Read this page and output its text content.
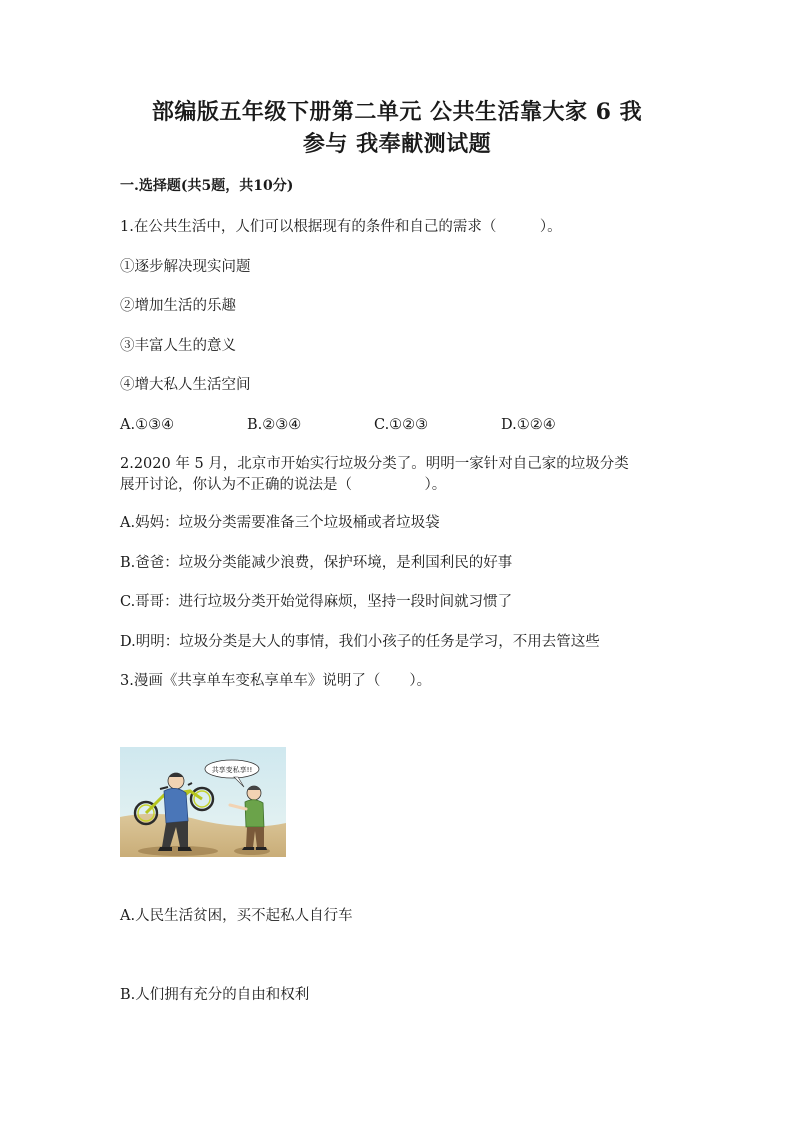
部编版五年级下册第二单元 公共生活靠大家 6 我
参与 我奉献测试题
一.选择题(共5题，共10分)
1.在公共生活中，人们可以根据现有的条件和自己的需求（　　　）。
①逐步解决现实问题
②增加生活的乐趣
③丰富人生的意义
④增大私人生活空间
A.①③④	B.②③④	C.①②③	D.①②④
2.2020 年 5 月，北京市开始实行垃圾分类了。明明一家针对自己家的垃圾分类
展开讨论，你认为不正确的说法是（　　　　　）。
A.妈妈：垃圾分类需要准备三个垃圾桶或者垃圾袋
B.爸爸：垃圾分类能减少浪费，保护环境，是利国利民的好事
C.哥哥：进行垃圾分类开始觉得麻烦，坚持一段时间就习惯了
D.明明：垃圾分类是大人的事情，我们小孩子的任务是学习，不用去管这些
3.漫画《共享单车变私享单车》说明了（　　）。
共享变私享!!
A.人民生活贫困，买不起私人自行车
B.人们拥有充分的自由和权利
